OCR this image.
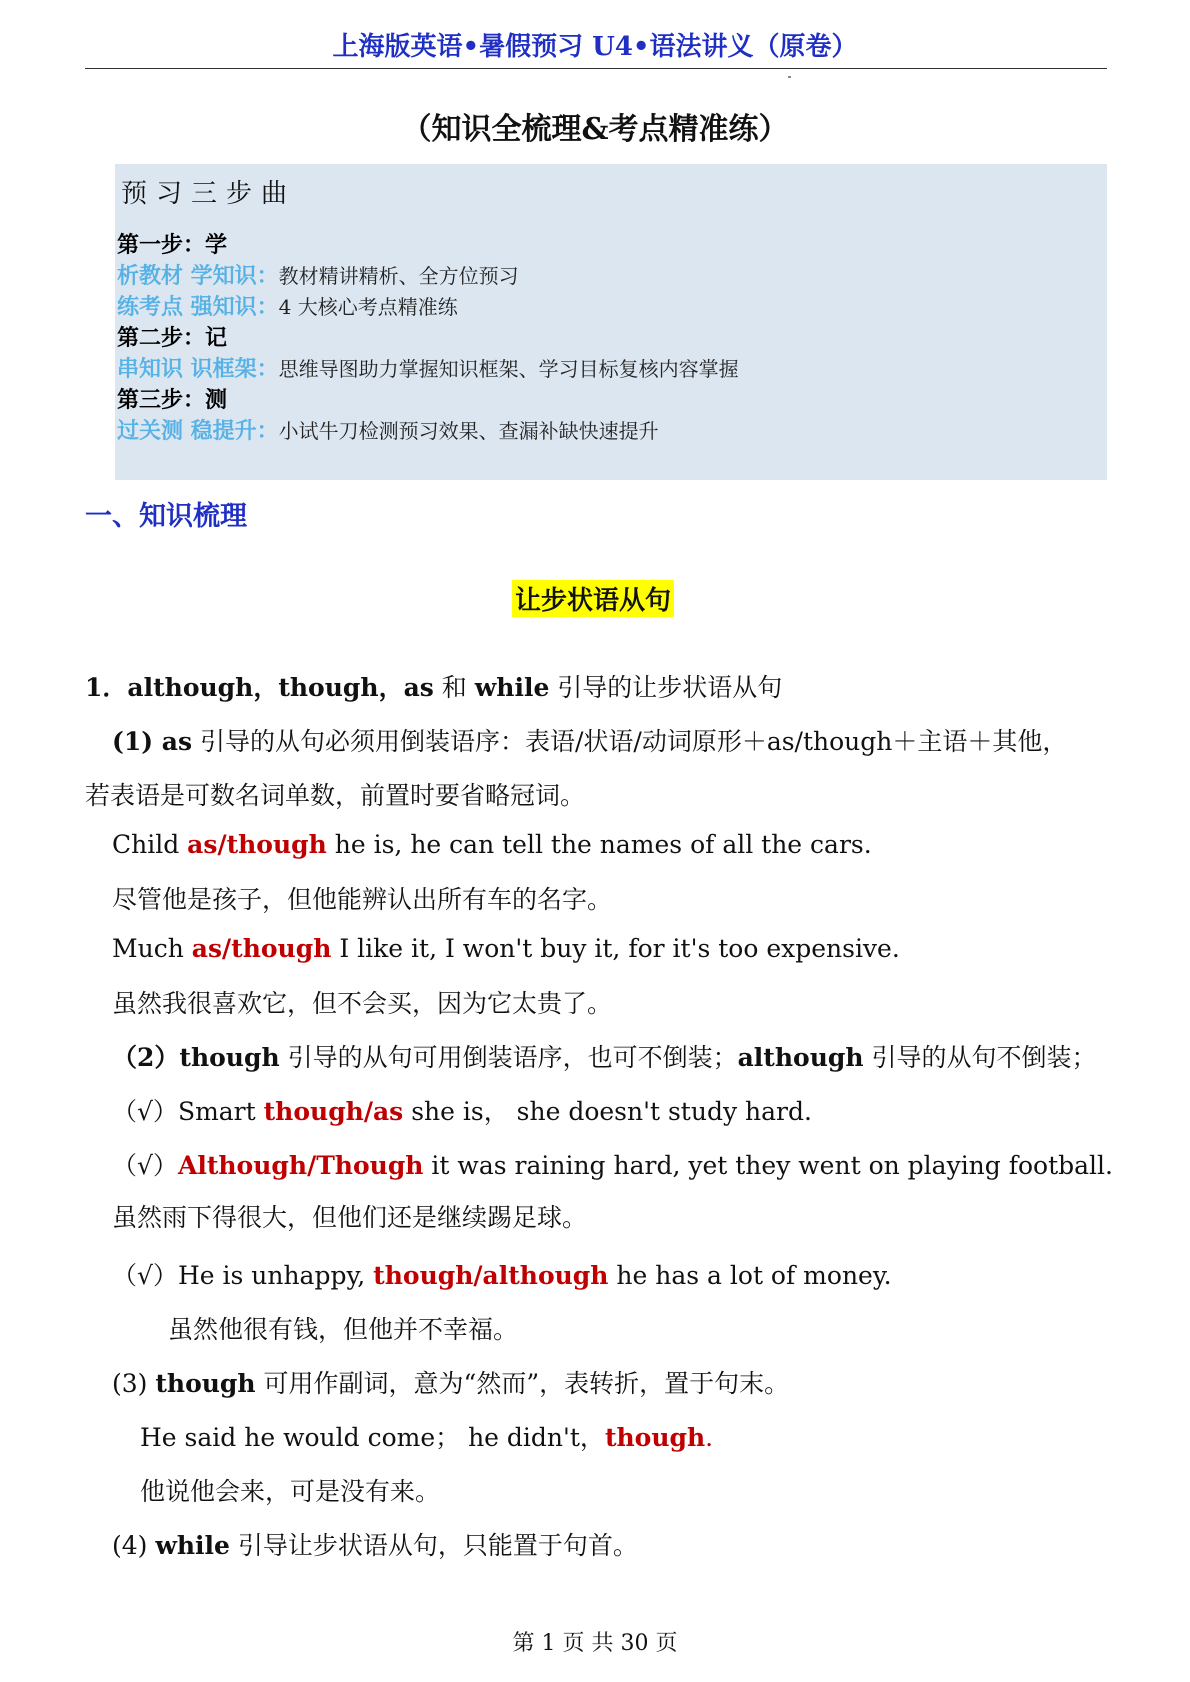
上海版英语•暑假预习 U4•语法讲义（原卷）
（知识全梳理&考点精准练）
预习三步曲
第一步：学
析教材 学知识：教材精讲精析、全方位预习
练考点 强知识：4 大核心考点精准练
第二步：记
串知识 识框架：思维导图助力掌握知识框架、学习目标复核内容掌握
第三步：测
过关测 稳提升：小试牛刀检测预习效果、查漏补缺快速提升
一、知识梳理
让步状语从句
1．although，though，as 和 while 引导的让步状语从句
(1) as 引导的从句必须用倒装语序：表语/状语/动词原形＋as/though＋主语＋其他，
若表语是可数名词单数，前置时要省略冠词。
Child as/though he is, he can tell the names of all the cars.
尽管他是孩子，但他能辨认出所有车的名字。
Much as/though I like it, I won't buy it, for it's too expensive.
虽然我很喜欢它，但不会买，因为它太贵了。
（2）though 引导的从句可用倒装语序，也可不倒装；although 引导的从句不倒装；
（√）Smart though/as she is， she doesn't study hard.
（√）Although/Though it was raining hard, yet they went on playing football.
虽然雨下得很大，但他们还是继续踢足球。
（√）He is unhappy, though/although he has a lot of money.
虽然他很有钱，但他并不幸福。
(3) though 可用作副词，意为“然而”，表转折，置于句末。
He said he would come； he didn't，though.
他说他会来，可是没有来。
(4) while 引导让步状语从句，只能置于句首。
第 1 页 共 30 页
